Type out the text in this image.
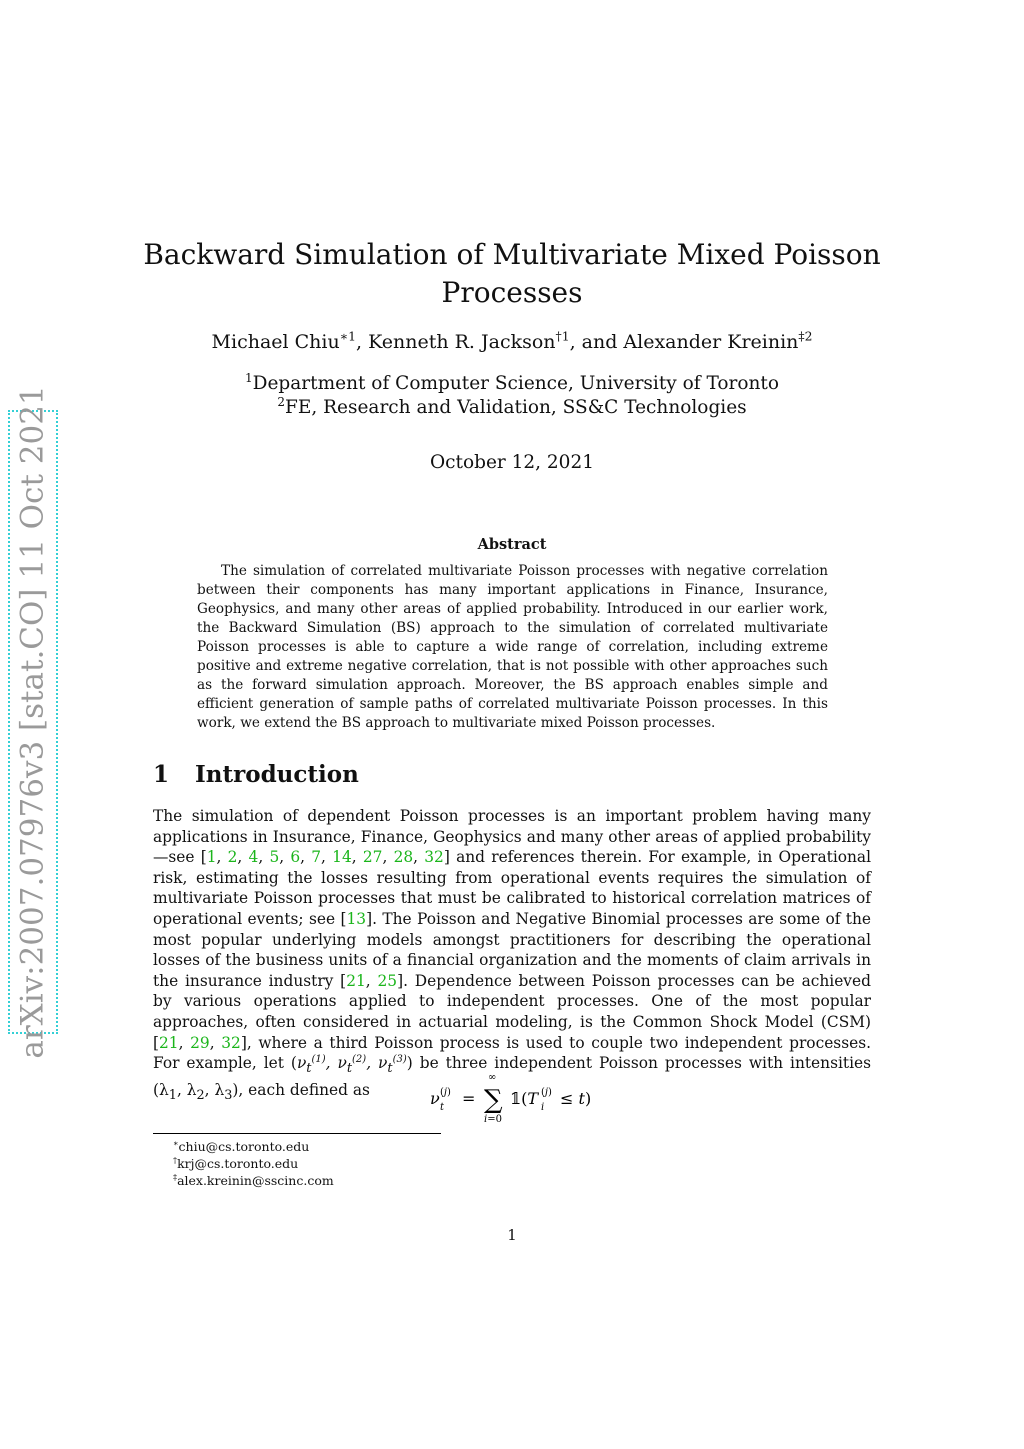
arXiv:2007.07976v3 [stat.CO] 11 Oct 2021
Backward Simulation of Multivariate Mixed Poisson
Processes
Michael Chiu$^{∗1}$, Kenneth R. Jackson$^{\dagger 1}$, and Alexander Kreinin$^{\ddagger 2}$
$^1$Department of Computer Science, University of Toronto
$^2$FE, Research and Validation, SS&C Technologies
October 12, 2021
Abstract
The simulation of correlated multivariate Poisson processes with negative correlation between their components has many important applications in Finance, Insurance, Geophysics, and many other areas of applied probability. Introduced in our earlier work, the Backward Simulation (BS) approach to the simulation of correlated multivariate Poisson processes is able to capture a wide range of correlation, including extreme positive and extreme negative correlation, that is not possible with other approaches such as the forward simulation approach. Moreover, the BS approach enables simple and efficient generation of sample paths of correlated multivariate Poisson processes. In this work, we extend the BS approach to multivariate mixed Poisson processes.
1 Introduction
The simulation of dependent Poisson processes is an important problem having many applications in Insurance, Finance, Geophysics and many other areas of applied probability—see [1, 2, 4, 5, 6, 7, 14, 27, 28, 32] and references therein. For example, in Operational risk, estimating the losses resulting from operational events requires the simulation of multivariate Poisson processes that must be calibrated to historical correlation matrices of operational events; see [13]. The Poisson and Negative Binomial processes are some of the most popular underlying models amongst practitioners for describing the operational losses of the business units of a financial organization and the moments of claim arrivals in the insurance industry [21, 25]. Dependence between Poisson processes can be achieved by various operations applied to independent processes. One of the most popular approaches, often considered in actuarial modeling, is the Common Shock Model (CSM) [21, 29, 32], where a third Poisson process is used to couple two independent processes. For example, let ($\nu_t^{(1)}$, $\nu_t^{(2)}$, $\nu_t^{(3)}$) be three independent Poisson processes with intensities ($\lambda_1$, $\lambda_2$, $\lambda_3$), each defined as	ν t
(j) = ∑
∞
i=0
𝟙(T i
(j) ≤ t)
∗chiu@cs.toronto.edu
†krj@cs.toronto.edu
‡alex.kreinin@sscinc.com
1
